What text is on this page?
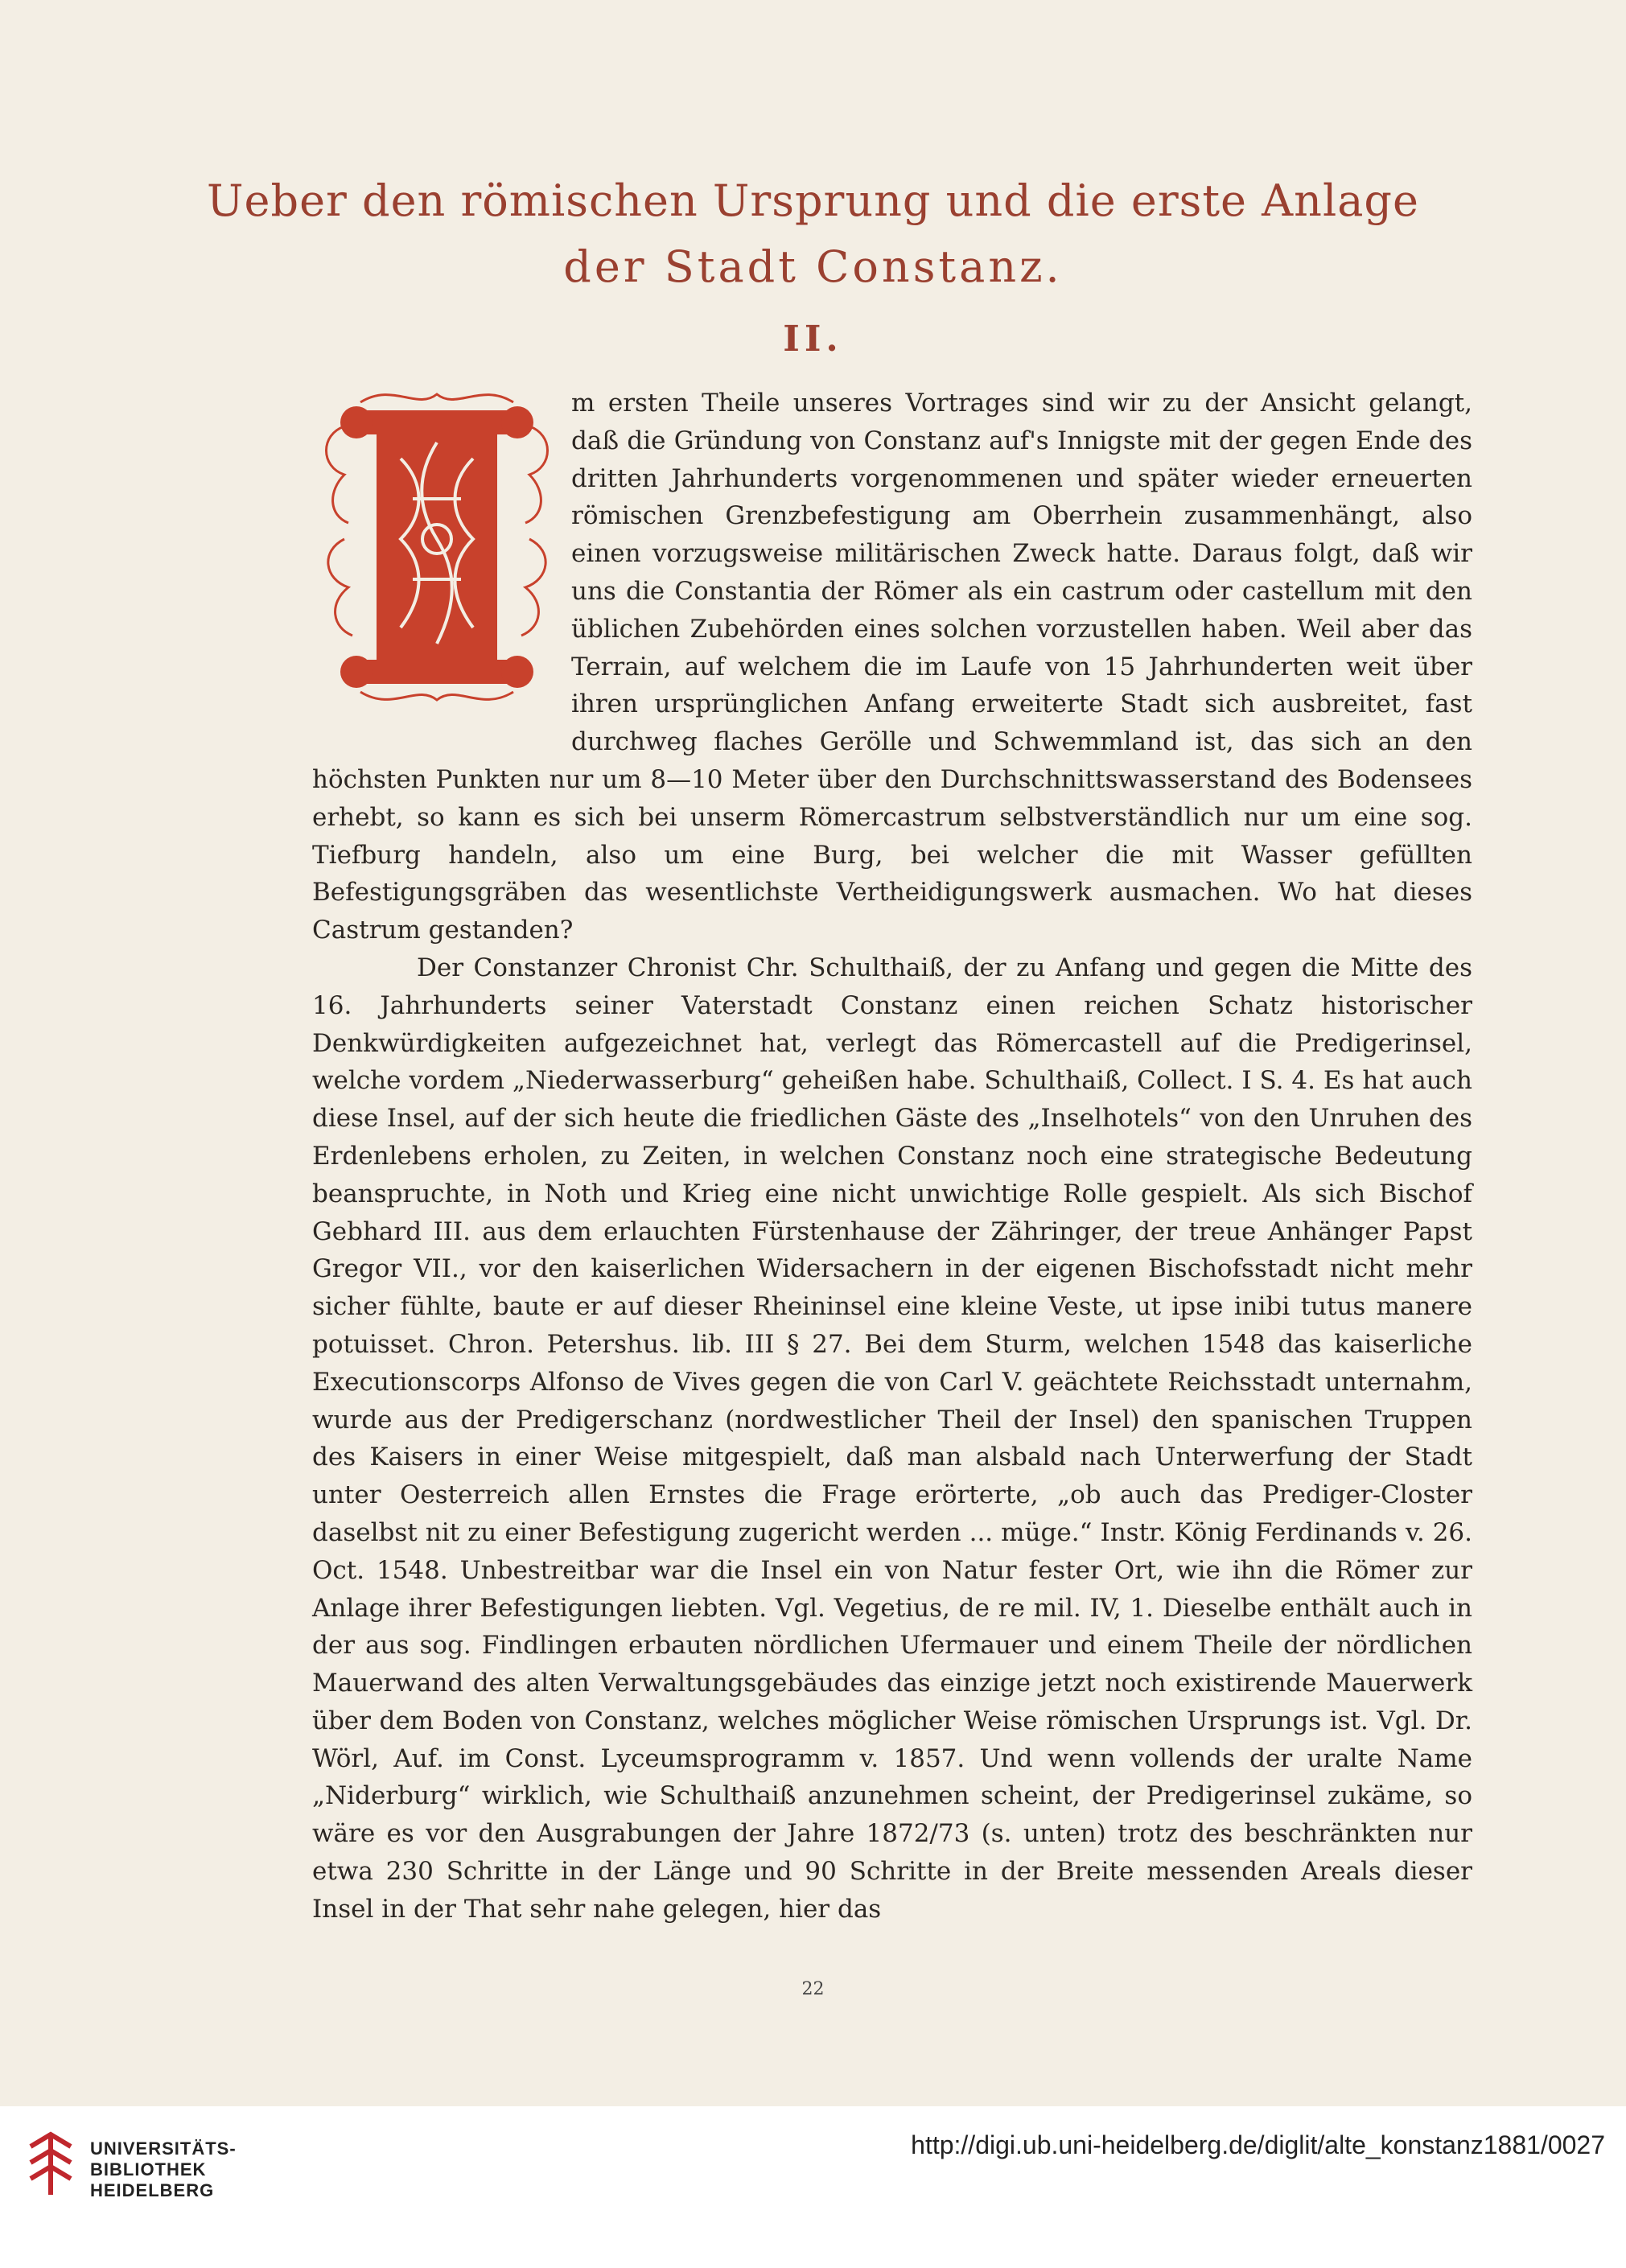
Ueber den römischen Ursprung und die erste Anlage
der Stadt Constanz.
II.

m ersten Theile unseres Vortrages sind wir zu der Ansicht gelangt, daß die Gründung von Constanz auf's Innigste mit der gegen Ende des dritten Jahrhunderts vorgenommenen und später wieder erneuerten römischen Grenzbefestigung am Oberrhein zusammenhängt, also einen vorzugsweise militärischen Zweck hatte. Daraus folgt, daß wir uns die Constantia der Römer als ein castrum oder castellum mit den üblichen Zubehörden eines solchen vorzustellen haben. Weil aber das Terrain, auf welchem die im Laufe von 15 Jahrhunderten weit über ihren ursprünglichen Anfang erweiterte Stadt sich ausbreitet, fast durchweg flaches Gerölle und Schwemmland ist, das sich an den höchsten Punkten nur um 8—10 Meter über den Durchschnittswasserstand des Bodensees erhebt, so kann es sich bei unserm Römercastrum selbstverständlich nur um eine sog. Tiefburg handeln, also um eine Burg, bei welcher die mit Wasser gefüllten Befestigungsgräben das wesentlichste Vertheidigungswerk ausmachen. Wo hat dieses Castrum gestanden?

Der Constanzer Chronist Chr. Schulthaiß, der zu Anfang und gegen die Mitte des 16. Jahrhunderts seiner Vaterstadt Constanz einen reichen Schatz historischer Denkwürdigkeiten aufgezeichnet hat, verlegt das Römercastell auf die Predigerinsel, welche vordem „Niederwasserburg“ geheißen habe. Schulthaiß, Collect. I S. 4. Es hat auch diese Insel, auf der sich heute die friedlichen Gäste des „Inselhotels“ von den Unruhen des Erdenlebens erholen, zu Zeiten, in welchen Constanz noch eine strategische Bedeutung beanspruchte, in Noth und Krieg eine nicht unwichtige Rolle gespielt. Als sich Bischof Gebhard III. aus dem erlauchten Fürstenhause der Zähringer, der treue Anhänger Papst Gregor VII., vor den kaiserlichen Widersachern in der eigenen Bischofsstadt nicht mehr sicher fühlte, baute er auf dieser Rheininsel eine kleine Veste, ut ipse inibi tutus manere potuisset. Chron. Petershus. lib. III § 27. Bei dem Sturm, welchen 1548 das kaiserliche Executionscorps Alfonso de Vives gegen die von Carl V. geächtete Reichsstadt unternahm, wurde aus der Predigerschanz (nordwestlicher Theil der Insel) den spanischen Truppen des Kaisers in einer Weise mitgespielt, daß man alsbald nach Unterwerfung der Stadt unter Oesterreich allen Ernstes die Frage erörterte, „ob auch das Prediger-Closter daselbst nit zu einer Befestigung zugericht werden ... müge.“ Instr. König Ferdinands v. 26. Oct. 1548. Unbestreitbar war die Insel ein von Natur fester Ort, wie ihn die Römer zur Anlage ihrer Befestigungen liebten. Vgl. Vegetius, de re mil. IV, 1. Dieselbe enthält auch in der aus sog. Findlingen erbauten nördlichen Ufermauer und einem Theile der nördlichen Mauerwand des alten Verwaltungsgebäudes das einzige jetzt noch existirende Mauerwerk über dem Boden von Constanz, welches möglicher Weise römischen Ursprungs ist. Vgl. Dr. Wörl, Auf. im Const. Lyceumsprogramm v. 1857. Und wenn vollends der uralte Name „Niderburg“ wirklich, wie Schulthaiß anzunehmen scheint, der Predigerinsel zukäme, so wäre es vor den Ausgrabungen der Jahre 1872/73 (s. unten) trotz des beschränkten nur etwa 230 Schritte in der Länge und 90 Schritte in der Breite messenden Areals dieser Insel in der That sehr nahe gelegen, hier das

22
UNIVERSITÄTS-
BIBLIOTHEK
HEIDELBERG
http://digi.ub.uni-heidelberg.de/diglit/alte_konstanz1881/0027
